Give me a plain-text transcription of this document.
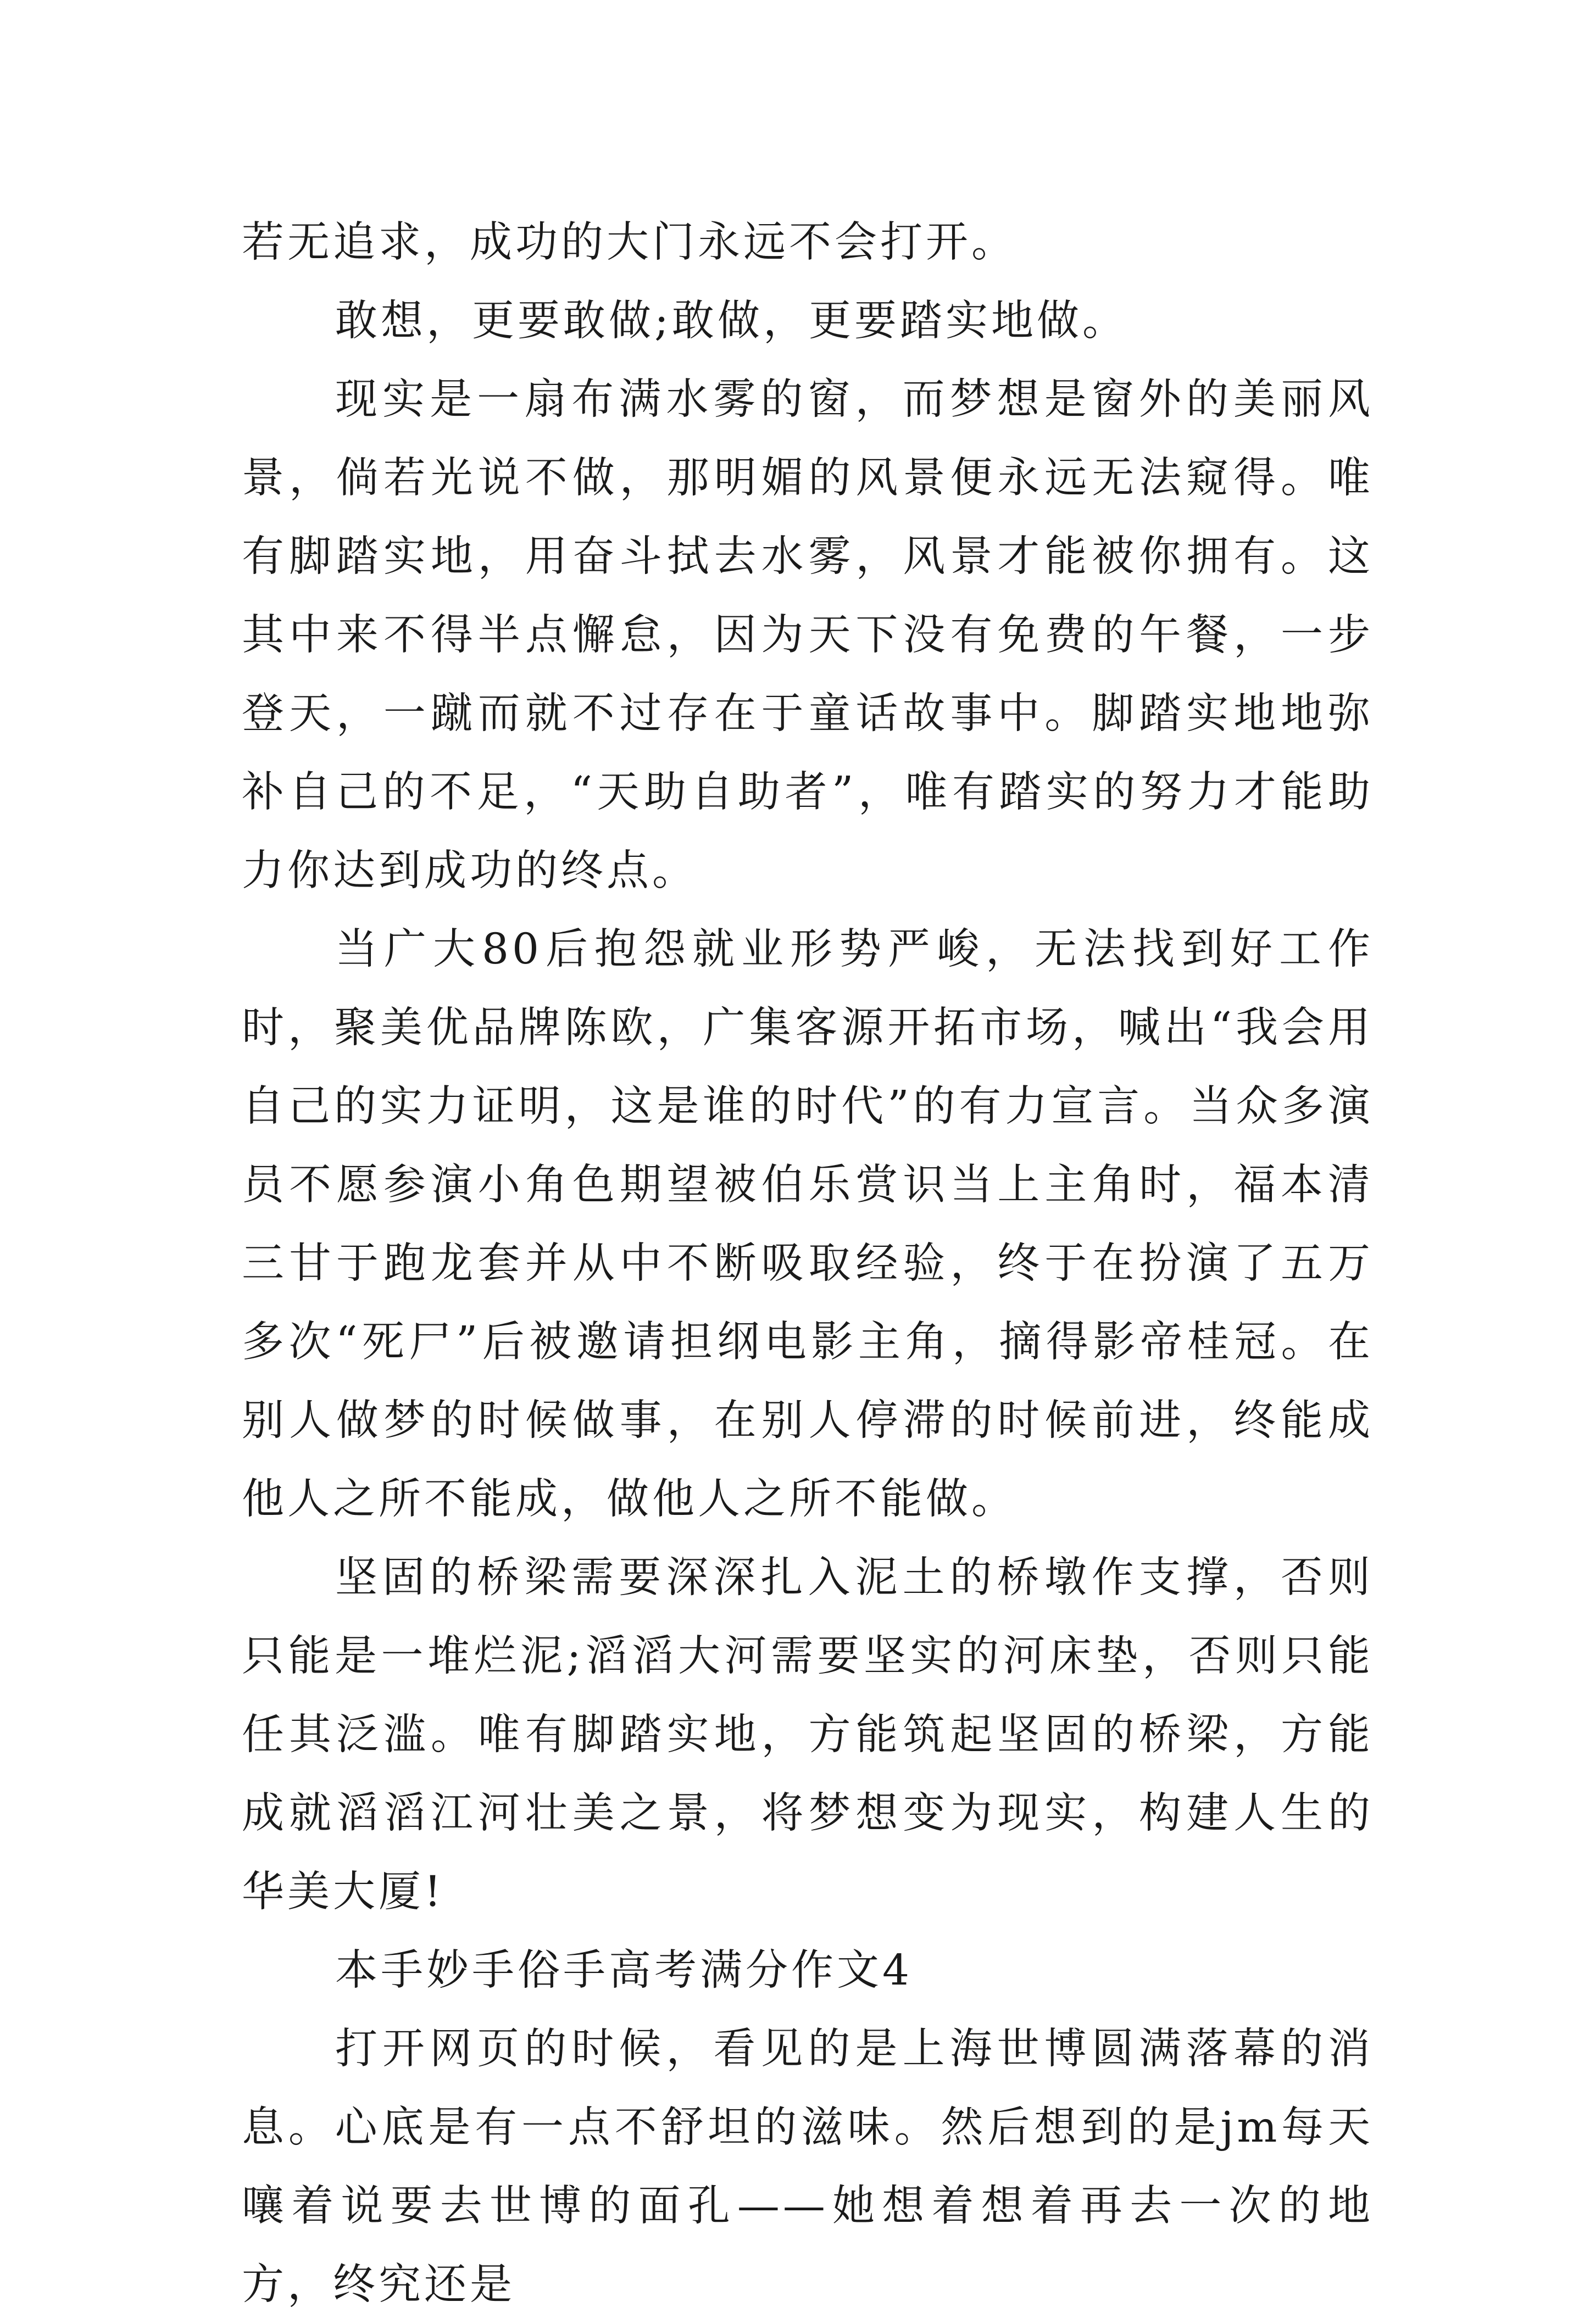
若无追求，成功的大门永远不会打开。

敢想，更要敢做;敢做，更要踏实地做。

现实是一扇布满水雾的窗，而梦想是窗外的美丽风景，倘若光说不做，那明媚的风景便永远无法窥得。唯有脚踏实地，用奋斗拭去水雾，风景才能被你拥有。这其中来不得半点懈怠，因为天下没有免费的午餐，一步登天，一蹴而就不过存在于童话故事中。脚踏实地地弥补自己的不足，“天助自助者”，唯有踏实的努力才能助力你达到成功的终点。

当广大80后抱怨就业形势严峻，无法找到好工作时，聚美优品牌陈欧，广集客源开拓市场，喊出“我会用自己的实力证明，这是谁的时代”的有力宣言。当众多演员不愿参演小角色期望被伯乐赏识当上主角时，福本清三甘于跑龙套并从中不断吸取经验，终于在扮演了五万多次“死尸”后被邀请担纲电影主角，摘得影帝桂冠。在别人做梦的时候做事，在别人停滞的时候前进，终能成他人之所不能成，做他人之所不能做。

坚固的桥梁需要深深扎入泥土的桥墩作支撑，否则只能是一堆烂泥;滔滔大河需要坚实的河床垫，否则只能任其泛滥。唯有脚踏实地，方能筑起坚固的桥梁，方能成就滔滔江河壮美之景，将梦想变为现实，构建人生的华美大厦!

本手妙手俗手高考满分作文4

打开网页的时候，看见的是上海世博圆满落幕的消息。心底是有一点不舒坦的滋味。然后想到的是jm每天嚷着说要去世博的面孔——她想着想着再去一次的地方，终究还是
